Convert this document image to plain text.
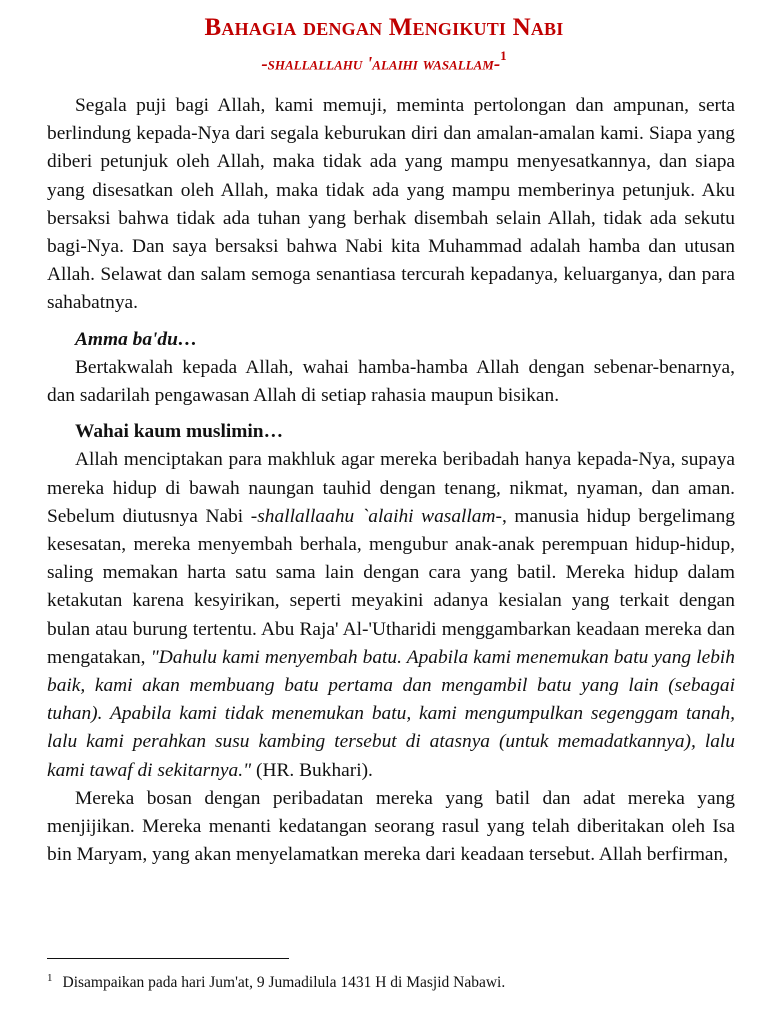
Bahagia dengan Mengikuti Nabi
-shallallahu 'alaihi wasallam-$^1$

Segala puji bagi Allah, kami memuji, meminta pertolongan dan ampunan, serta berlindung kepada-Nya dari segala keburukan diri dan amalan-amalan kami. Siapa yang diberi petunjuk oleh Allah, maka tidak ada yang mampu menyesatkannya, dan siapa yang disesatkan oleh Allah, maka tidak ada yang mampu memberinya petunjuk. Aku bersaksi bahwa tidak ada tuhan yang berhak disembah selain Allah, tidak ada sekutu bagi-Nya. Dan saya bersaksi bahwa Nabi kita Muhammad adalah hamba dan utusan Allah. Selawat dan salam semoga senantiasa tercurah kepadanya, keluarganya, dan para sahabatnya.

Amma ba'du…

Bertakwalah kepada Allah, wahai hamba-hamba Allah dengan sebenar-benarnya, dan sadarilah pengawasan Allah di setiap rahasia maupun bisikan.

Wahai kaum muslimin…

Allah menciptakan para makhluk agar mereka beribadah hanya kepada-Nya, supaya mereka hidup di bawah naungan tauhid dengan tenang, nikmat, nyaman, dan aman. Sebelum diutusnya Nabi -shallallaahu `alaihi wasallam-, manusia hidup bergelimang kesesatan, mereka menyembah berhala, mengubur anak-anak perempuan hidup-hidup, saling memakan harta satu sama lain dengan cara yang batil. Mereka hidup dalam ketakutan karena kesyirikan, seperti meyakini adanya kesialan yang terkait dengan bulan atau burung tertentu. Abu Raja' Al-'Utharidi menggambarkan keadaan mereka dan mengatakan, "Dahulu kami menyembah batu. Apabila kami menemukan batu yang lebih baik, kami akan membuang batu pertama dan mengambil batu yang lain (sebagai tuhan). Apabila kami tidak menemukan batu, kami mengumpulkan segenggam tanah, lalu kami perahkan susu kambing tersebut di atasnya (untuk memadatkannya), lalu kami tawaf di sekitarnya." (HR. Bukhari).

Mereka bosan dengan peribadatan mereka yang batil dan adat mereka yang menjijikan. Mereka menanti kedatangan seorang rasul yang telah diberitakan oleh Isa bin Maryam, yang akan menyelamatkan mereka dari keadaan tersebut. Allah berfirman,

$^1$ Disampaikan pada hari Jum'at, 9 Jumadilula 1431 H di Masjid Nabawi.
